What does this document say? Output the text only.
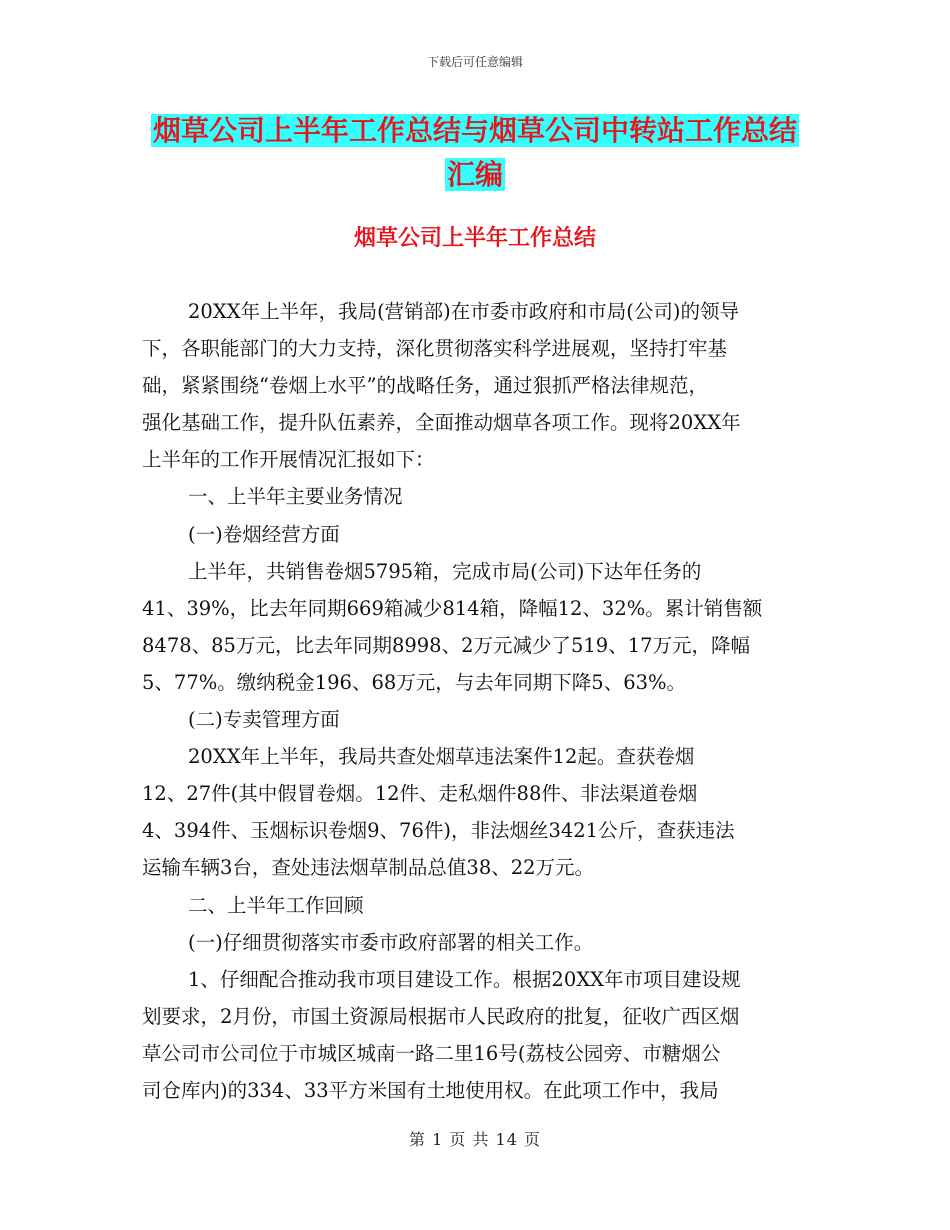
下载后可任意编辑
烟草公司上半年工作总结与烟草公司中转站工作总结
汇编
烟草公司上半年工作总结
20XX年上半年，我局(营销部)在市委市政府和市局(公司)的领导
下，各职能部门的大力支持，深化贯彻落实科学进展观，坚持打牢基
础，紧紧围绕“卷烟上水平”的战略任务，通过狠抓严格法律规范，
强化基础工作，提升队伍素养，全面推动烟草各项工作。现将20XX年
上半年的工作开展情况汇报如下：
一、上半年主要业务情况
(一)卷烟经营方面
上半年，共销售卷烟5795箱，完成市局(公司)下达年任务的
41、39%，比去年同期669箱减少814箱，降幅12、32%。累计销售额
8478、85万元，比去年同期8998、2万元减少了519、17万元，降幅
5、77%。缴纳税金196、68万元，与去年同期下降5、63%。
(二)专卖管理方面
20XX年上半年，我局共查处烟草违法案件12起。查获卷烟
12、27件(其中假冒卷烟。12件、走私烟件88件、非法渠道卷烟
4、394件、玉烟标识卷烟9、76件)，非法烟丝3421公斤，查获违法
运输车辆3台，查处违法烟草制品总值38、22万元。
二、上半年工作回顾
(一)仔细贯彻落实市委市政府部署的相关工作。
1、仔细配合推动我市项目建设工作。根据20XX年市项目建设规
划要求，2月份，市国土资源局根据市人民政府的批复，征收广西区烟
草公司市公司位于市城区城南一路二里16号(荔枝公园旁、市糖烟公
司仓库内)的334、33平方米国有土地使用权。在此项工作中，我局
第 1 页 共 14 页
